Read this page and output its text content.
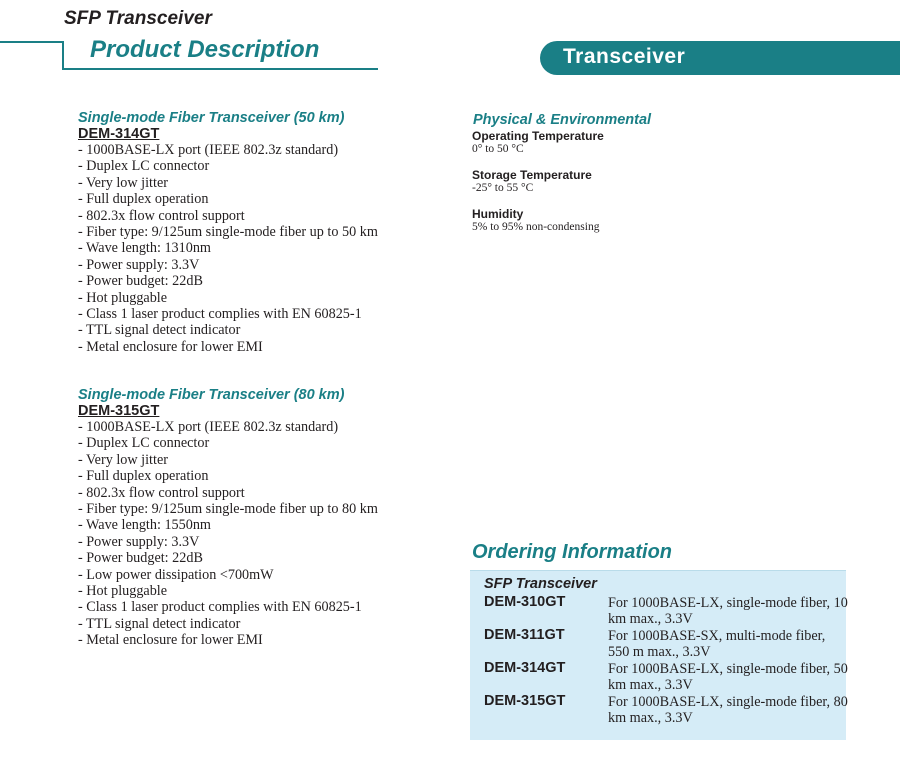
SFP Transceiver
Product Description	Transceiver
Single-mode Fiber Transceiver (50 km)
DEM-314GT
- 1000BASE-LX port (IEEE 802.3z standard)
- Duplex LC connector
- Very low jitter
- Full duplex operation
- 802.3x flow control support
- Fiber type: 9/125um single-mode fiber up to 50 km
- Wave length: 1310nm
- Power supply: 3.3V
- Power budget: 22dB
- Hot pluggable
- Class 1 laser product complies with EN 60825-1
- TTL signal detect indicator
- Metal enclosure for lower EMI
Single-mode Fiber Transceiver (80 km)
DEM-315GT
- 1000BASE-LX port (IEEE 802.3z standard)
- Duplex LC connector
- Very low jitter
- Full duplex operation
- 802.3x flow control support
- Fiber type: 9/125um single-mode fiber up to 80 km
- Wave length: 1550nm
- Power supply: 3.3V
- Power budget: 22dB
- Low power dissipation <700mW
- Hot pluggable
- Class 1 laser product complies with EN 60825-1
- TTL signal detect indicator
- Metal enclosure for lower EMI
Physical & Environmental
Operating Temperature
0° to 50 °C
Storage Temperature
-25° to 55 °C
Humidity
5% to 95% non-condensing
Ordering Information
SFP Transceiver
DEM-310GT	For 1000BASE-LX, single-mode fiber, 10 km max., 3.3V
DEM-311GT	For 1000BASE-SX, multi-mode fiber, 550 m max., 3.3V
DEM-314GT	For 1000BASE-LX, single-mode fiber, 50 km max., 3.3V
DEM-315GT	For 1000BASE-LX, single-mode fiber, 80 km max., 3.3V
